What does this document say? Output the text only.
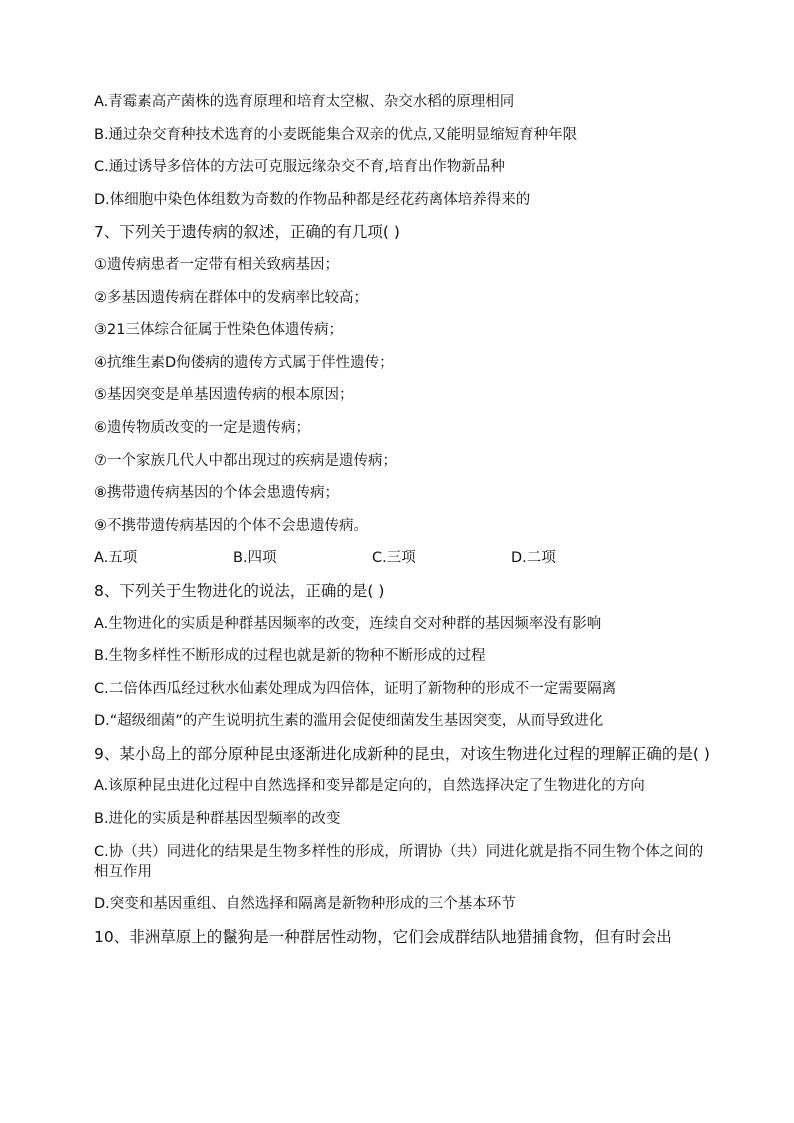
A.青霉素高产菌株的选育原理和培育太空椒、杂交水稻的原理相同
B.通过杂交育种技术选育的小麦既能集合双亲的优点,又能明显缩短育种年限
C.通过诱导多倍体的方法可克服远缘杂交不育,培育出作物新品种
D.体细胞中染色体组数为奇数的作物品种都是经花药离体培养得来的
7、下列关于遗传病的叙述，正确的有几项( )
①遗传病患者一定带有相关致病基因；
②多基因遗传病在群体中的发病率比较高；
③21三体综合征属于性染色体遗传病；
④抗维生素D佝偻病的遗传方式属于伴性遗传；
⑤基因突变是单基因遗传病的根本原因；
⑥遗传物质改变的一定是遗传病；
⑦一个家族几代人中都出现过的疾病是遗传病；
⑧携带遗传病基因的个体会患遗传病；
⑨不携带遗传病基因的个体不会患遗传病。
A.五项	B.四项	C.三项	D.二项
8、下列关于生物进化的说法，正确的是( )
A.生物进化的实质是种群基因频率的改变，连续自交对种群的基因频率没有影响
B.生物多样性不断形成的过程也就是新的物种不断形成的过程
C.二倍体西瓜经过秋水仙素处理成为四倍体，证明了新物种的形成不一定需要隔离
D.“超级细菌”的产生说明抗生素的滥用会促使细菌发生基因突变，从而导致进化
9、某小岛上的部分原种昆虫逐渐进化成新种的昆虫，对该生物进化过程的理解正确的是( )
A.该原种昆虫进化过程中自然选择和变异都是定向的，自然选择决定了生物进化的方向
B.进化的实质是种群基因型频率的改变
C.协（共）同进化的结果是生物多样性的形成，所谓协（共）同进化就是指不同生物个体之间的相互作用
D.突变和基因重组、自然选择和隔离是新物种形成的三个基本环节
10、非洲草原上的鬣狗是一种群居性动物，它们会成群结队地猎捕食物，但有时会出
